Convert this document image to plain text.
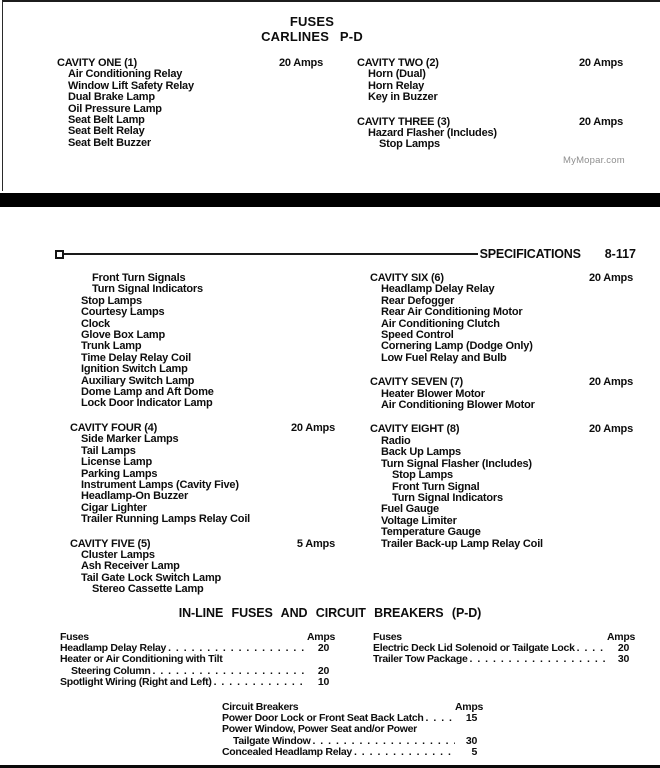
FUSES
CARLINES P-D
CAVITY ONE (1)	20 Amps
Air Conditioning Relay
Window Lift Safety Relay
Dual Brake Lamp
Oil Pressure Lamp
Seat Belt Lamp
Seat Belt Relay
Seat Belt Buzzer
CAVITY TWO (2)	20 Amps
Horn (Dual)
Horn Relay
Key in Buzzer
CAVITY THREE (3)	20 Amps
Hazard Flasher (Includes)
Stop Lamps
MyMopar.com
SPECIFICATIONS 8-117
Front Turn Signals
Turn Signal Indicators
Stop Lamps
Courtesy Lamps
Clock
Glove Box Lamp
Trunk Lamp
Time Delay Relay Coil
Ignition Switch Lamp
Auxiliary Switch Lamp
Dome Lamp and Aft Dome
Lock Door Indicator Lamp
CAVITY FOUR (4)	20 Amps
Side Marker Lamps
Tail Lamps
License Lamp
Parking Lamps
Instrument Lamps (Cavity Five)
Headlamp-On Buzzer
Cigar Lighter
Trailer Running Lamps Relay Coil
CAVITY FIVE (5)	5 Amps
Cluster Lamps
Ash Receiver Lamp
Tail Gate Lock Switch Lamp
Stereo Cassette Lamp
CAVITY SIX (6)	20 Amps
Headlamp Delay Relay
Rear Defogger
Rear Air Conditioning Motor
Air Conditioning Clutch
Speed Control
Cornering Lamp (Dodge Only)
Low Fuel Relay and Bulb
CAVITY SEVEN (7)	20 Amps
Heater Blower Motor
Air Conditioning Blower Motor
CAVITY EIGHT (8)	20 Amps
Radio
Back Up Lamps
Turn Signal Flasher (Includes)
Stop Lamps
Front Turn Signal
Turn Signal Indicators
Fuel Gauge
Voltage Limiter
Temperature Gauge
Trailer Back-up Lamp Relay Coil
IN-LINE FUSES AND CIRCUIT BREAKERS (P-D)
Fuses	Amps
Headlamp Delay Relay . . .	20
Heater or Air Conditioning with Tilt
Steering Column . . .	20
Spotlight Wiring (Right and Left) . . .	10
Fuses	Amps
Electric Deck Lid Solenoid or Tailgate Lock . . .	20
Trailer Tow Package . . .	30
Circuit Breakers	Amps
Power Door Lock or Front Seat Back Latch . . .	15
Power Window, Power Seat and/or Power
Tailgate Window . . .	30
Concealed Headlamp Relay . . .	5
